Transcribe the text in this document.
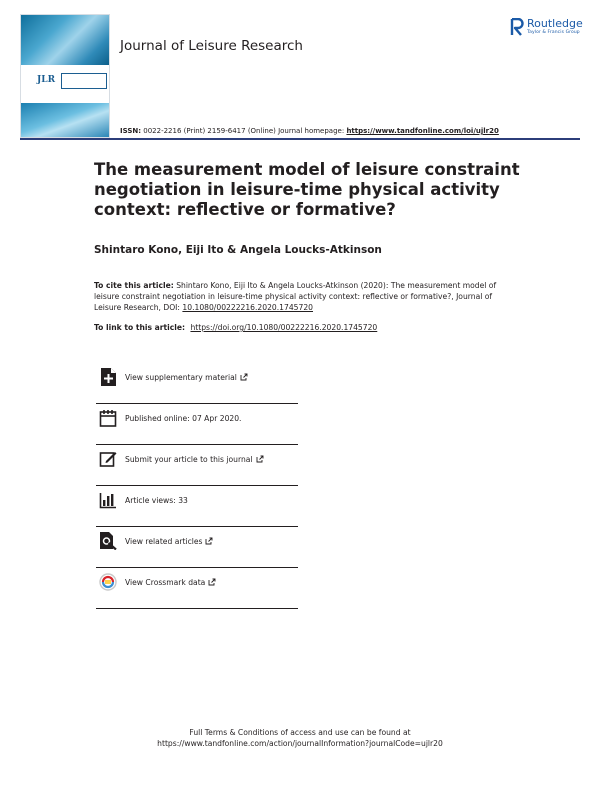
JLR
Journal of Leisure Research
Routledge
Taylor & Francis Group
ISSN: 0022-2216 (Print) 2159-6417 (Online) Journal homepage: https://www.tandfonline.com/loi/ujlr20
The measurement model of leisure constraint negotiation in leisure-time physical activity context: reflective or formative?
Shintaro Kono, Eiji Ito & Angela Loucks-Atkinson
To cite this article: Shintaro Kono, Eiji Ito & Angela Loucks-Atkinson (2020): The measurement model of leisure constraint negotiation in leisure-time physical activity context: reflective or formative?, Journal of Leisure Research, DOI: 10.1080/00222216.2020.1745720
To link to this article: https://doi.org/10.1080/00222216.2020.1745720
View supplementary material
Published online: 07 Apr 2020.
Submit your article to this journal
Article views: 33
View related articles
View Crossmark data
Full Terms & Conditions of access and use can be found at
https://www.tandfonline.com/action/journalInformation?journalCode=ujlr20
